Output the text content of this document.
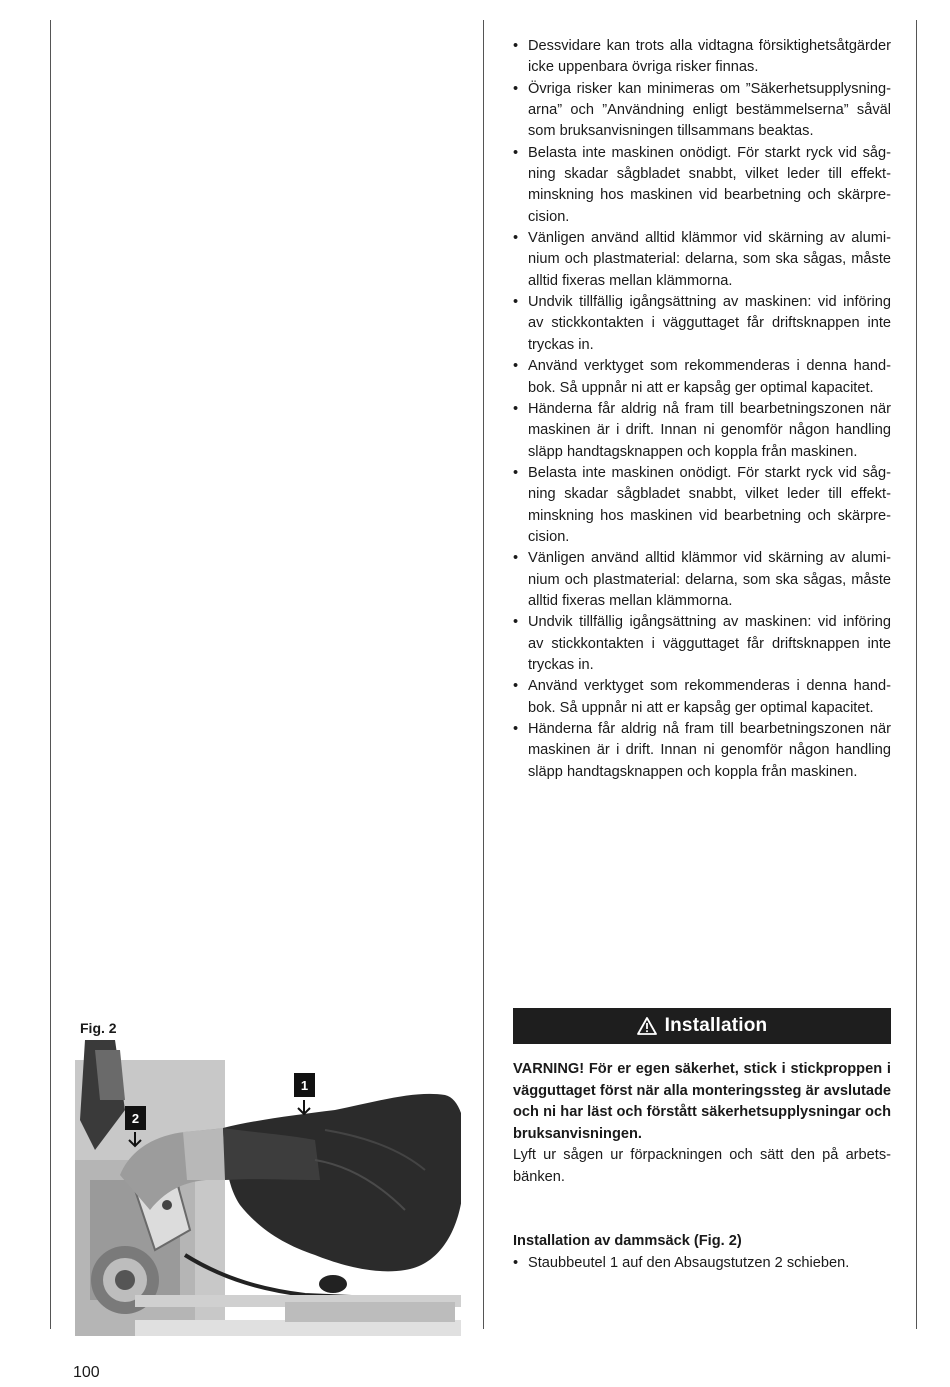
• Dessvidare kan trots alla vidtagna försiktighetsåtgärder icke uppenbara övriga risker finnas.
• Övriga risker kan minimeras om ”Säkerhetsupplysningarna” och ”Användning enligt bestämmelserna” såväl som bruksanvisningen tillsammans beaktas.
• Belasta inte maskinen onödigt. För starkt ryck vid sågning skadar sågbladet snabbt, vilket leder till effektminskning hos maskinen vid bearbetning och skärprecision.
• Vänligen använd alltid klämmor vid skärning av aluminium och plastmaterial: delarna, som ska sågas, måste alltid fixeras mellan klämmorna.
• Undvik tillfällig igångsättning av maskinen: vid införing av stickkontakten i vägguttaget får driftsknappen inte tryckas in.
• Använd verktyget som rekommenderas i denna handbok. Så uppnår ni att er kapsåg ger optimal kapacitet.
• Händerna får aldrig nå fram till bearbetningszonen när maskinen är i drift. Innan ni genomför någon handling släpp handtagsknappen och koppla från maskinen.
• Belasta inte maskinen onödigt. För starkt ryck vid sågning skadar sågbladet snabbt, vilket leder till effektminskning hos maskinen vid bearbetning och skärprecision.
• Vänligen använd alltid klämmor vid skärning av aluminium och plastmaterial: delarna, som ska sågas, måste alltid fixeras mellan klämmorna.
• Undvik tillfällig igångsättning av maskinen: vid införing av stickkontakten i vägguttaget får driftsknappen inte tryckas in.
• Använd verktyget som rekommenderas i denna handbok. Så uppnår ni att er kapsåg ger optimal kapacitet.
• Händerna får aldrig nå fram till bearbetningszonen när maskinen är i drift. Innan ni genomför någon handling släpp handtagsknappen och koppla från maskinen.
Installation
VARNING! För er egen säkerhet, stick i stickproppen i vägguttaget först när alla monteringssteg är avslutade och ni har läst och förstått säkerhetsupplysningar och bruksanvisningen.
Lyft ur sågen ur förpackningen och sätt den på arbetsbänken.
Installation av dammsäck (Fig. 2)
• Staubbeutel 1 auf den Absaugstutzen 2 schieben.
Fig. 2
1
2
100
